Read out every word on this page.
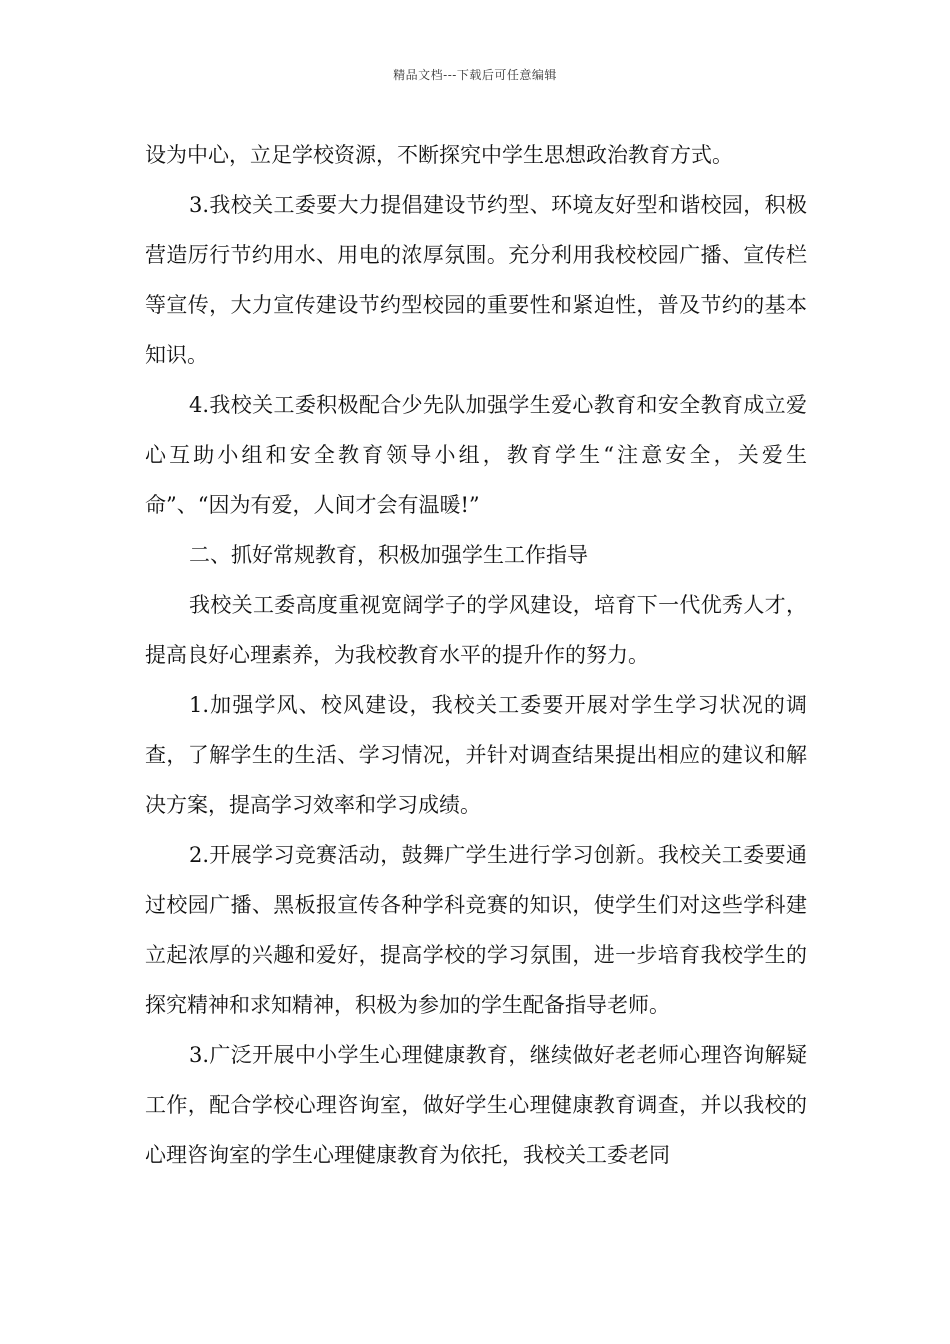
精品文档---下载后可任意编辑

设为中心，立足学校资源，不断探究中学生思想政治教育方式。

3.我校关工委要大力提倡建设节约型、环境友好型和谐校园，积极营造厉行节约用水、用电的浓厚氛围。充分利用我校校园广播、宣传栏等宣传，大力宣传建设节约型校园的重要性和紧迫性，普及节约的基本知识。

4.我校关工委积极配合少先队加强学生爱心教育和安全教育成立爱心互助小组和安全教育领导小组，教育学生“注意安全，关爱生命”、“因为有爱，人间才会有温暖!”

二、抓好常规教育，积极加强学生工作指导

我校关工委高度重视宽阔学子的学风建设，培育下一代优秀人才，提高良好心理素养，为我校教育水平的提升作的努力。

1.加强学风、校风建设，我校关工委要开展对学生学习状况的调查，了解学生的生活、学习情况，并针对调查结果提出相应的建议和解决方案，提高学习效率和学习成绩。

2.开展学习竞赛活动，鼓舞广学生进行学习创新。我校关工委要通过校园广播、黑板报宣传各种学科竞赛的知识，使学生们对这些学科建立起浓厚的兴趣和爱好，提高学校的学习氛围，进一步培育我校学生的探究精神和求知精神，积极为参加的学生配备指导老师。

3.广泛开展中小学生心理健康教育，继续做好老老师心理咨询解疑工作，配合学校心理咨询室，做好学生心理健康教育调查，并以我校的心理咨询室的学生心理健康教育为依托，我校关工委老同
